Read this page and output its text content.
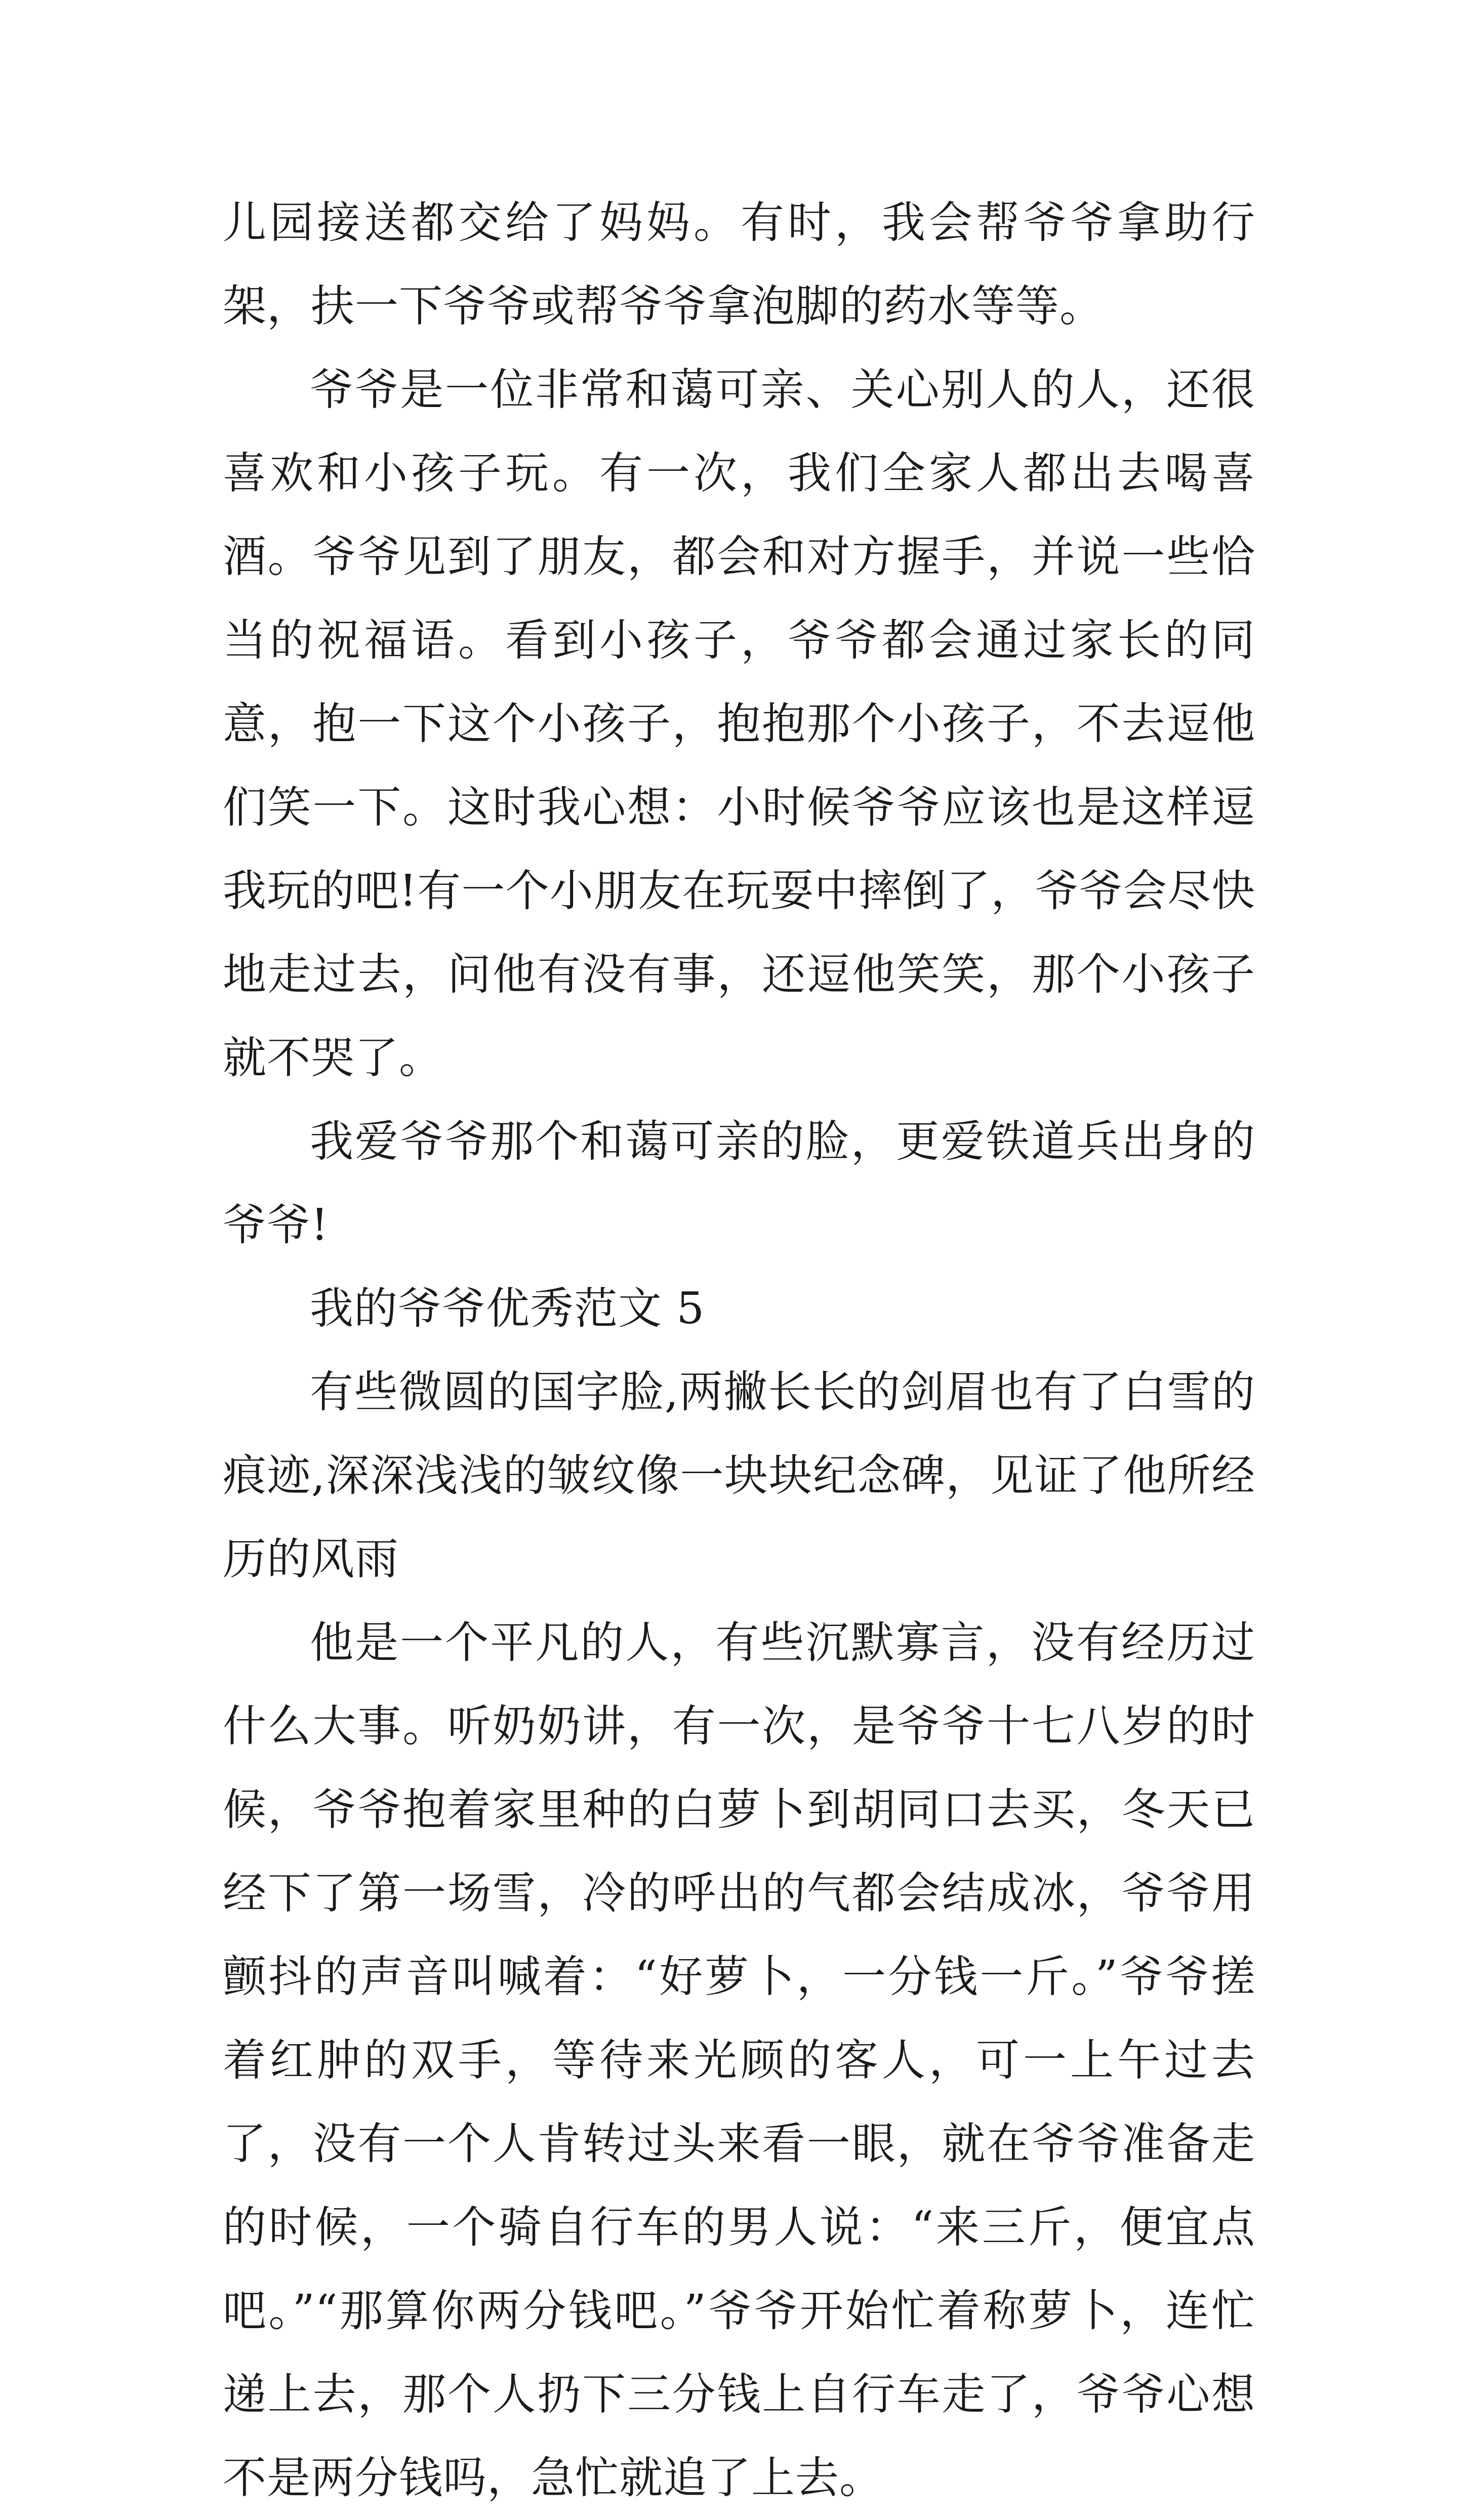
儿园接送都交给了妈妈。有时，我会帮爷爷拿助行架，扶一下爷爷或帮爷爷拿泡脚的药水等等。

爷爷是一位非常和蔼可亲、关心别人的人，还很喜欢和小孩子玩。有一次，我们全家人都出去喝喜酒。爷爷见到了朋友，都会和对方握手，并说一些恰当的祝福语。看到小孩子，爷爷都会通过家长的同意，抱一下这个小孩子，抱抱那个小孩子，不去逗他们笑一下。这时我心想：小时候爷爷应该也是这样逗我玩的吧!有一个小朋友在玩耍中摔倒了，爷爷会尽快地走过去，问他有没有事，还逗他笑笑，那个小孩子就不哭了。

我爱爷爷那个和蔼可亲的脸，更爱铁道兵出身的爷爷!

我的爷爷优秀范文 5

有些微圆的国字脸,两撇长长的剑眉也有了白雪的痕迹,深深浅浅的皱纹像一块块纪念碑，见证了他所经历的风雨

他是一个平凡的人，有些沉默寡言，没有经历过什么大事。听奶奶讲，有一次，是爷爷十七八岁的时候，爷爷抱着家里种的白萝卜到胡同口去买，冬天已经下了第一场雪，冷的呼出的气都会结成冰，爷爷用颤抖的声音叫喊着：“好萝卜，一分钱一斤。”爷爷搓着红肿的双手，等待来光顾的客人，可一上午过去了，没有一个人肯转过头来看一眼，就在爷爷准备走的时候，一个骑自行车的男人说：“来三斤，便宜点吧。”“那算你两分钱吧。”爷爷开始忙着称萝卜，连忙递上去，那个人扔下三分钱上自行车走了，爷爷心想不是两分钱吗，急忙就追了上去。
